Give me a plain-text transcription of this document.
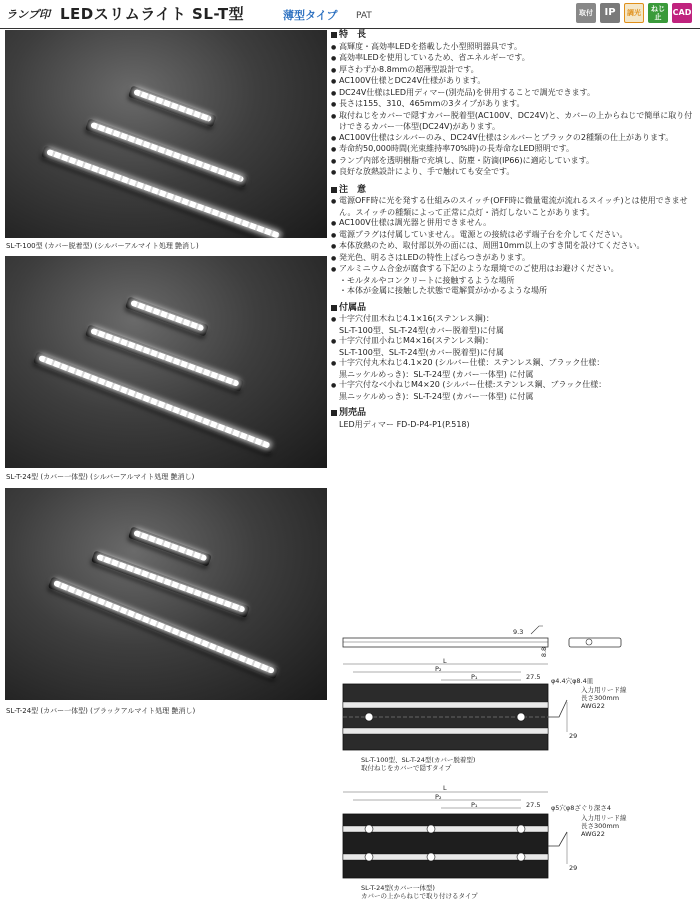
ランプ印 LEDスリムライト SL-T型	薄型タイプ PAT	取付	IP	調光	ねじ止	CAD
SL-T-100型 (カバー脱着型) (シルバーアルマイト処理 艶消し)
SL-T-24型 (カバー一体型) (シルバーアルマイト処理 艶消し)
SL-T-24型 (カバー一体型) (ブラックアルマイト処理 艶消し)
特　長
● 高輝度・高効率LEDを搭載した小型照明器具です。
● 高効率LEDを使用しているため、省エネルギーです。
● 厚さわずか8.8mmの超薄型設計です。
● AC100V仕様とDC24V仕様があります。
● DC24V仕様はLED用ディマー(別売品)を併用することで調光できます。
● 長さは155、310、465mmの3タイプがあります。
● 取付ねじをカバーで隠すカバー脱着型(AC100V、DC24V)と、カバーの上からねじで簡単に取り付けできるカバー一体型(DC24V)があります。
● AC100V仕様はシルバーのみ、DC24V仕様はシルバーとブラックの2種類の仕上があります。
● 寿命約50,000時間(光束維持率70%時)の長寿命なLED照明です。
● ランプ内部を透明樹脂で充填し、防塵・防滴(IP66)に適応しています。
● 良好な放熱設計により、手で触れても安全です。
注　意
● 電源OFF時に光を発する仕組みのスイッチ(OFF時に微量電流が流れるスイッチ)とは使用できません。スイッチの種類によって正常に点灯・消灯しないことがあります。
● AC100V仕様は調光器と併用できません。
● 電源プラグは付属していません。電源との接続は必ず端子台を介してください。
● 本体放熱のため、取付部以外の面には、周囲10mm以上のすき間を設けてください。
● 発光色、明るさはLEDの特性上ばらつきがあります。
● アルミニウム合金が腐食する下記のような環境でのご使用はお避けください。
・モルタルやコンクリートに接触するような場所
・本体が金属に接触した状態で電解質がかかるような場所
付属品
● 十字穴付皿木ねじ4.1×16(ステンレス鋼)：
SL-T-100型、SL-T-24型(カバー脱着型)に付属
● 十字穴付皿小ねじM4×16(ステンレス鋼)：
SL-T-100型、SL-T-24型(カバー脱着型)に付属
● 十字穴付丸木ねじ4.1×20 (シルバー仕様：ステンレス鋼、ブラック仕様：
黒ニッケルめっき)：SL-T-24型 (カバー一体型) に付属
● 十字穴付なべ小ねじM4×20 (シルバー仕様:ステンレス鋼、ブラック仕様：
黒ニッケルめっき)：SL-T-24型 (カバー一体型) に付属
別売品
LED用ディマー FD-D-P4-P1(P.518)
9.3
8.8
L
P₂
P₁	27.5 φ4.4穴φ8.4皿
入力用リード線
長さ300mm
AWG22
29
SL-T-100型、SL-T-24型(カバー脱着型)
取付ねじをカバーで隠すタイプ
L
P₂
P₁	27.5 φ5穴φ8ざぐり深さ4
入力用リード線
長さ300mm
AWG22
29
SL-T-24型(カバー一体型)
カバーの上からねじで取り付けるタイプ
